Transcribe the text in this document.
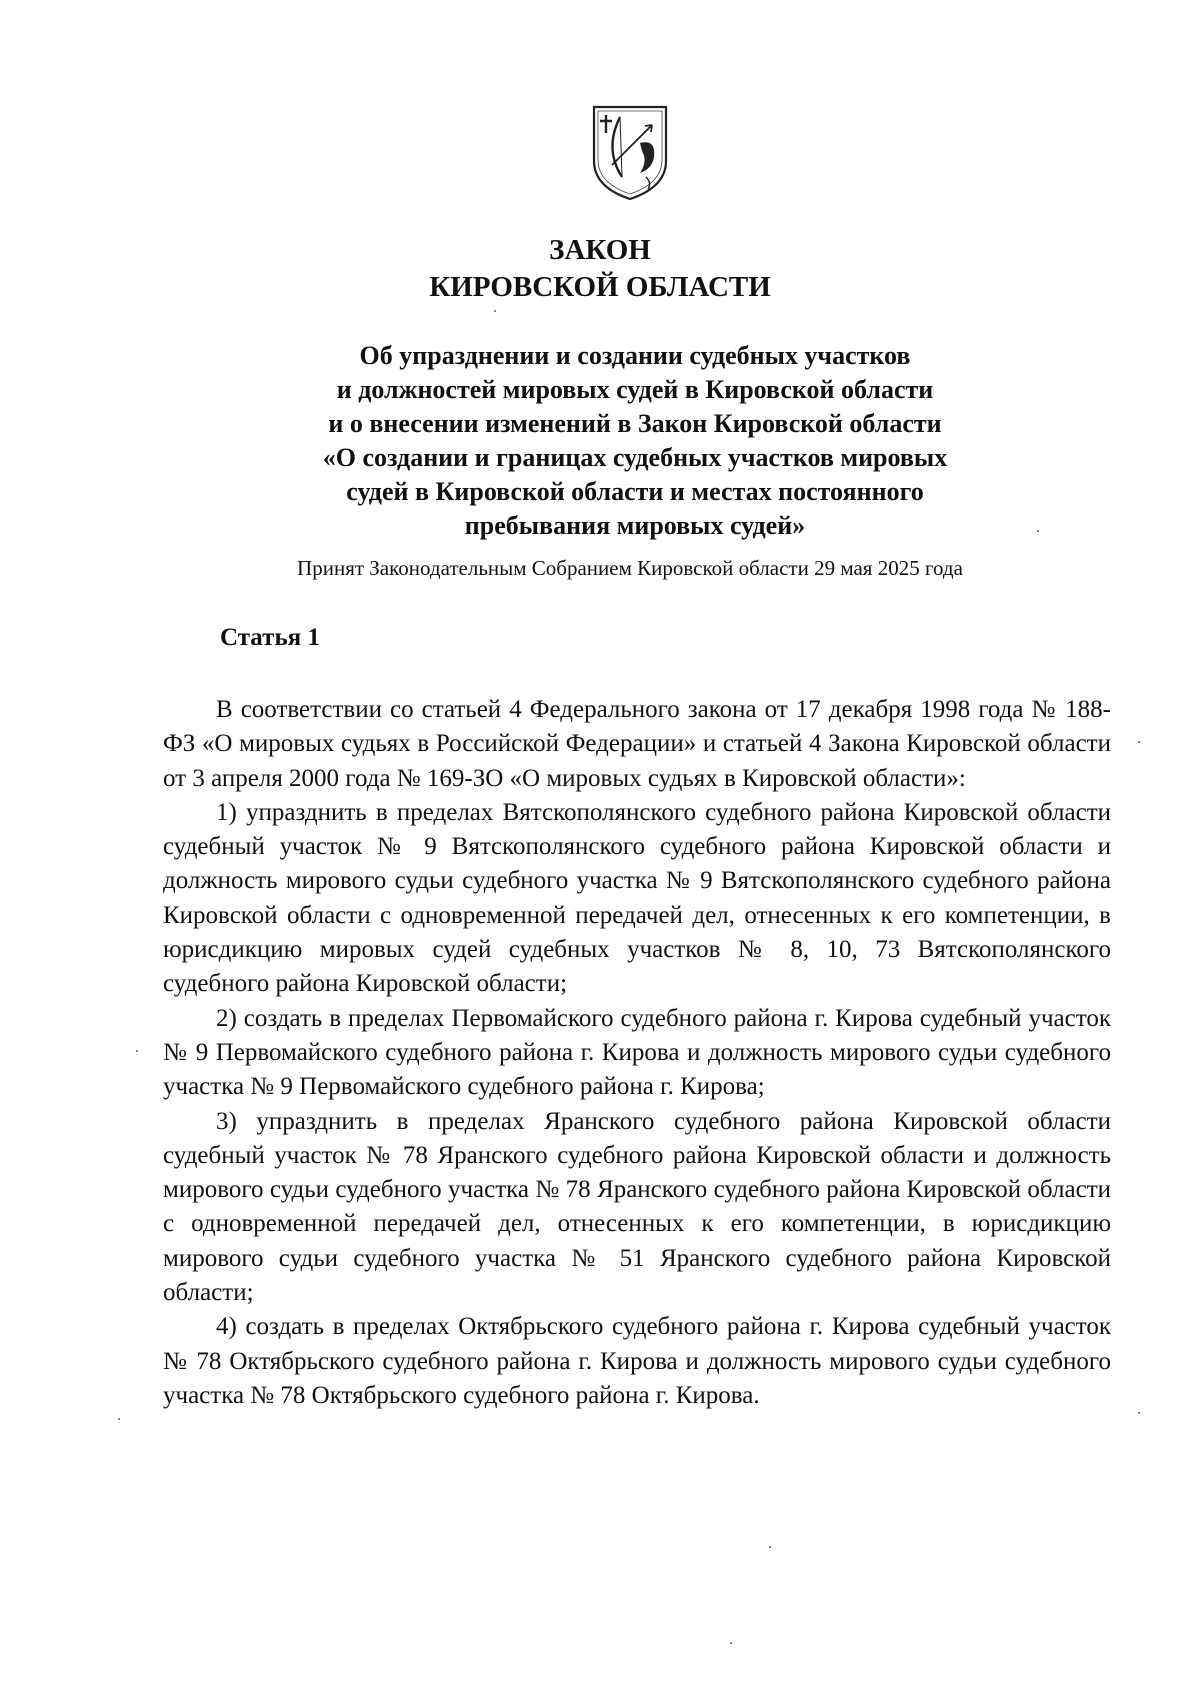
ЗАКОН
КИРОВСКОЙ ОБЛАСТИ
Об упразднении и создании судебных участков
и должностей мировых судей в Кировской области
и о внесении изменений в Закон Кировской области
«О создании и границах судебных участков мировых
судей в Кировской области и местах постоянного
пребывания мировых судей»
Принят Законодательным Собранием Кировской области 29 мая 2025 года
Статья 1

В соответствии со статьей 4 Федерального закона от 17 декабря 1998 года № 188-ФЗ «О мировых судьях в Российской Федерации» и статьей 4 Закона Кировской области от 3 апреля 2000 года № 169-ЗО «О мировых судьях в Кировской области»:

1) упразднить в пределах Вятскополянского судебного района Кировской области судебный участок № 9 Вятскополянского судебного района Кировской области и должность мирового судьи судебного участка № 9 Вятскополянского судебного района Кировской области с одновременной передачей дел, отнесенных к его компетенции, в юрисдикцию мировых судей судебных участков № 8, 10, 73 Вятскополянского судебного района Кировской области;

2) создать в пределах Первомайского судебного района г. Кирова судебный участок № 9 Первомайского судебного района г. Кирова и должность мирового судьи судебного участка № 9 Первомайского судебного района г. Кирова;

3) упразднить в пределах Яранского судебного района Кировской области судебный участок № 78 Яранского судебного района Кировской области и должность мирового судьи судебного участка № 78 Яранского судебного района Кировской области с одновременной передачей дел, отнесенных к его компетенции, в юрисдикцию мирового судьи судебного участка № 51 Яранского судебного района Кировской области;

4) создать в пределах Октябрьского судебного района г. Кирова судебный участок № 78 Октябрьского судебного района г. Кирова и должность мирового судьи судебного участка № 78 Октябрьского судебного района г. Кирова.
